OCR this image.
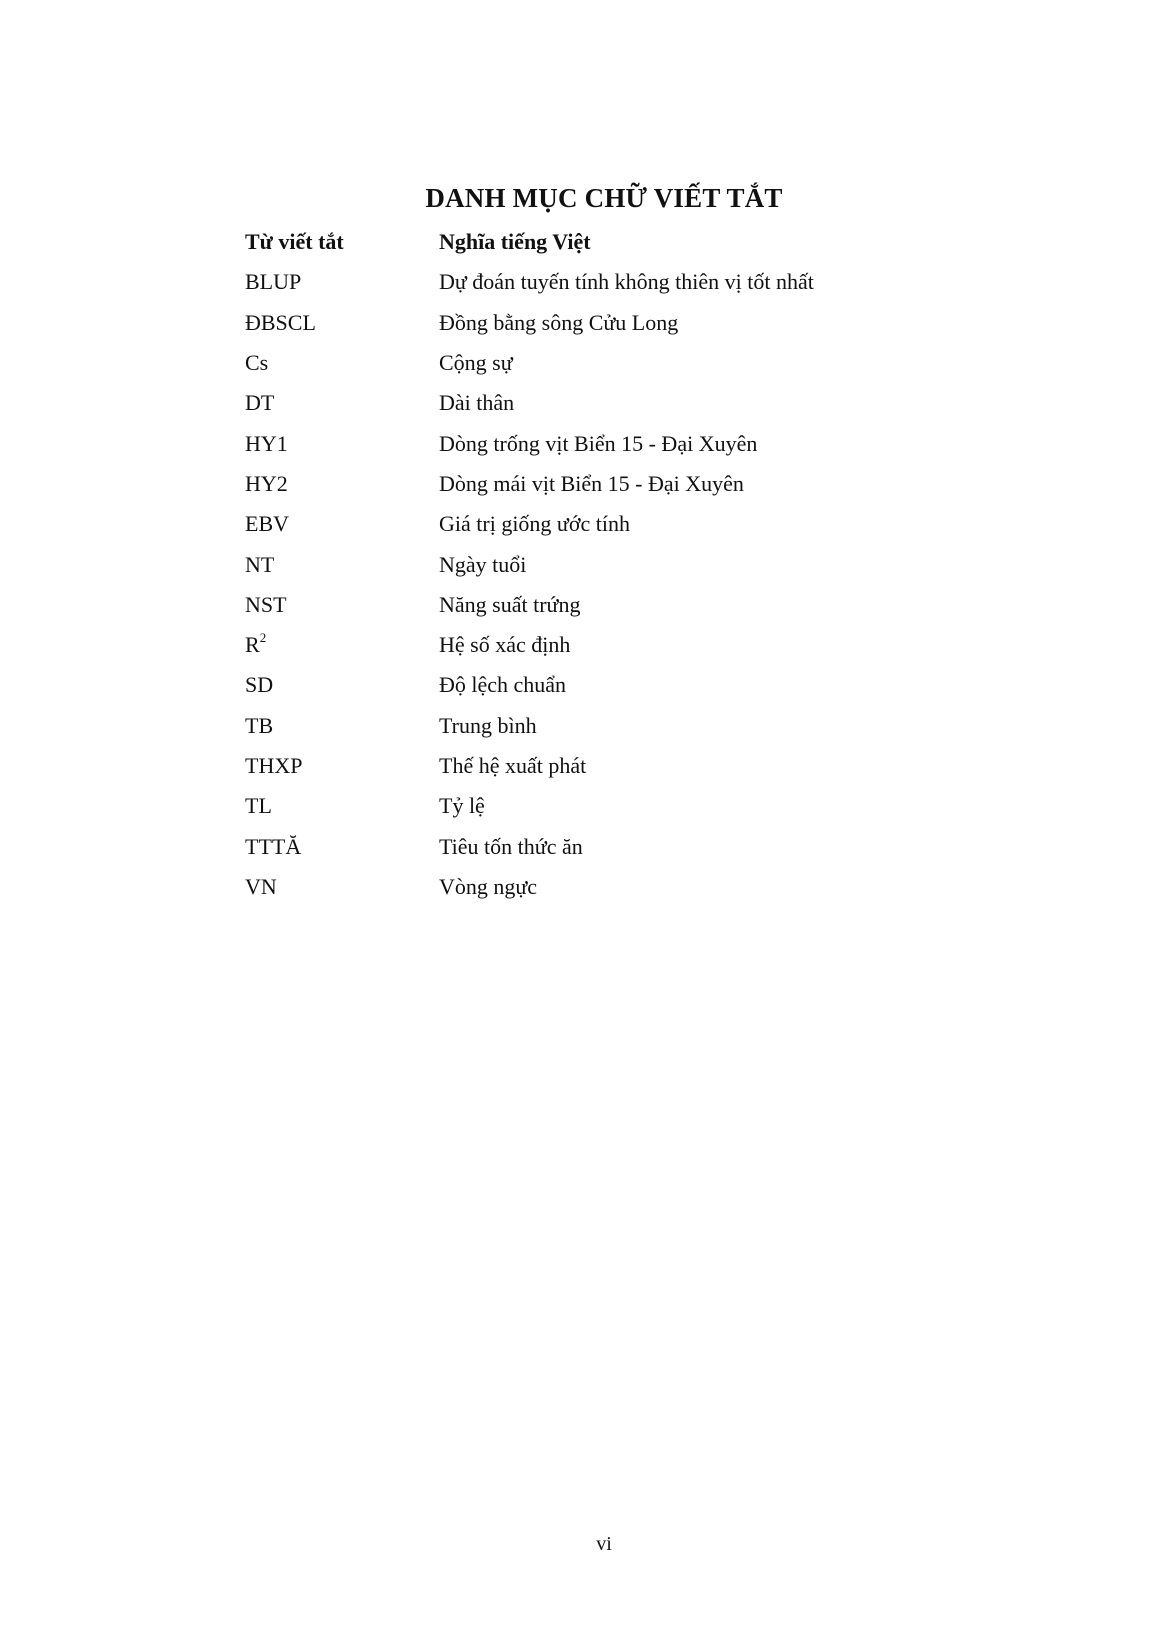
DANH MỤC CHỮ VIẾT TẮT
Từ viết tắt	Nghĩa tiếng Việt
BLUP	Dự đoán tuyến tính không thiên vị tốt nhất
ĐBSCL	Đồng bằng sông Cửu Long
Cs	Cộng sự
DT	Dài thân
HY1	Dòng trống vịt Biển 15 - Đại Xuyên
HY2	Dòng mái vịt Biển 15 - Đại Xuyên
EBV	Giá trị giống ước tính
NT	Ngày tuổi
NST	Năng suất trứng
$R^2$	Hệ số xác định
SD	Độ lệch chuẩn
TB	Trung bình
THXP	Thế hệ xuất phát
TL	Tỷ lệ
TTTĂ	Tiêu tốn thức ăn
VN	Vòng ngực
vi
